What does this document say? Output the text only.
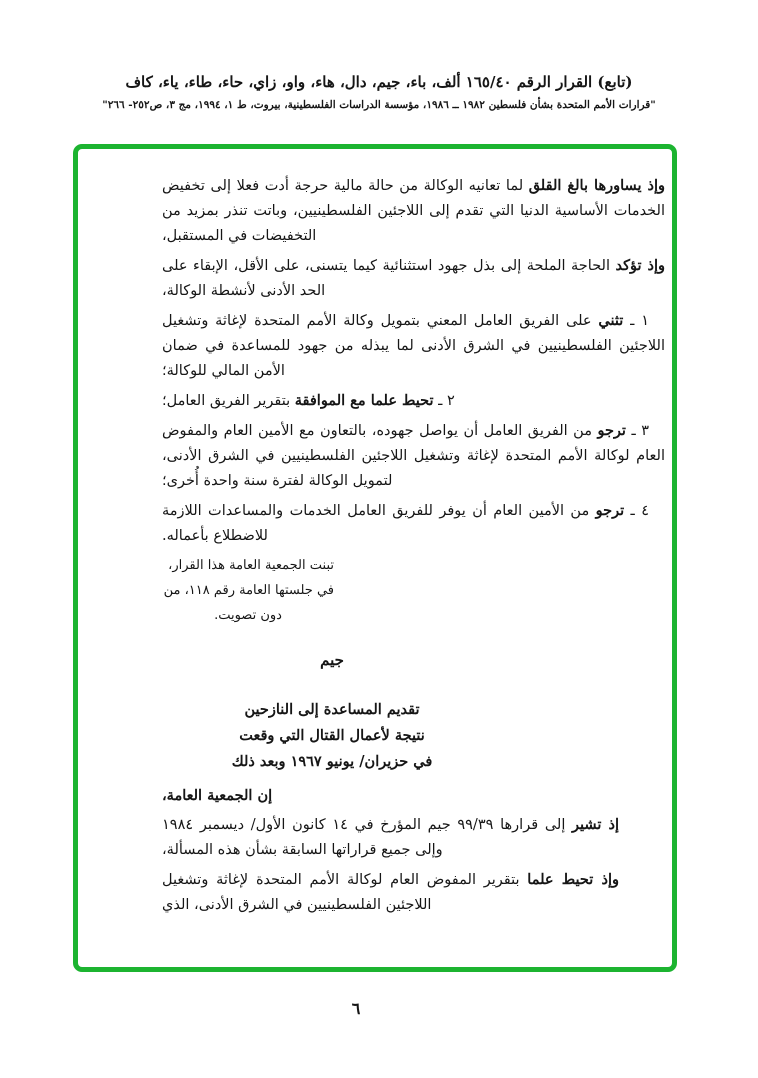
(تابع) القرار الرقم ١٦٥/٤٠ ألف، باء، جيم، دال، هاء، واو، زاي، حاء، طاء، ياء، كاف
"قرارات الأمم المتحدة بشأن فلسطين ١٩٨٢ ــ ١٩٨٦، مؤسسة الدراسات الفلسطينية، بيروت، ط ١، ١٩٩٤، مج ٣، ص٢٥٢- ٢٦٦"

وإذ يساورها بالغ القلق لما تعانيه الوكالة من حالة مالية حرجة أدت فعلا إلى تخفيض الخدمات الأساسية الدنيا التي تقدم إلى اللاجئين الفلسطينيين، وباتت تنذر بمزيد من التخفيضات في المستقبل،

وإذ تؤكد الحاجة الملحة إلى بذل جهود استثنائية كيما يتسنى، على الأقل، الإبقاء على الحد الأدنى لأنشطة الوكالة،

١ ـ تثني على الفريق العامل المعني بتمويل وكالة الأمم المتحدة لإغاثة وتشغيل اللاجئين الفلسطينيين في الشرق الأدنى لما يبذله من جهود للمساعدة في ضمان الأمن المالي للوكالة؛

٢ ـ تحيط علما مع الموافقة بتقرير الفريق العامل؛

٣ ـ ترجو من الفريق العامل أن يواصل جهوده، بالتعاون مع الأمين العام والمفوض العام لوكالة الأمم المتحدة لإغاثة وتشغيل اللاجئين الفلسطينيين في الشرق الأدنى، لتمويل الوكالة لفترة سنة واحدة أُخرى؛

٤ ـ ترجو من الأمين العام أن يوفر للفريق العامل الخدمات والمساعدات اللازمة للاضطلاع بأعماله.

تبنت الجمعية العامة هذا القرار،
في جلستها العامة رقم ١١٨، من
دون تصويت.
جيم
تقديم المساعدة إلى النازحين
نتيجة لأعمال القتال التي وقعت
في حزيران/ يونيو ١٩٦٧ وبعد ذلك

إن الجمعية العامة،

إذ تشير إلى قرارها ٩٩/٣٩ جيم المؤرخ في ١٤ كانون الأول/ ديسمبر ١٩٨٤ وإلى جميع قراراتها السابقة بشأن هذه المسألة،

وإذ تحيط علما بتقرير المفوض العام لوكالة الأمم المتحدة لإغاثة وتشغيل اللاجئين الفلسطينيين في الشرق الأدنى، الذي

٦
